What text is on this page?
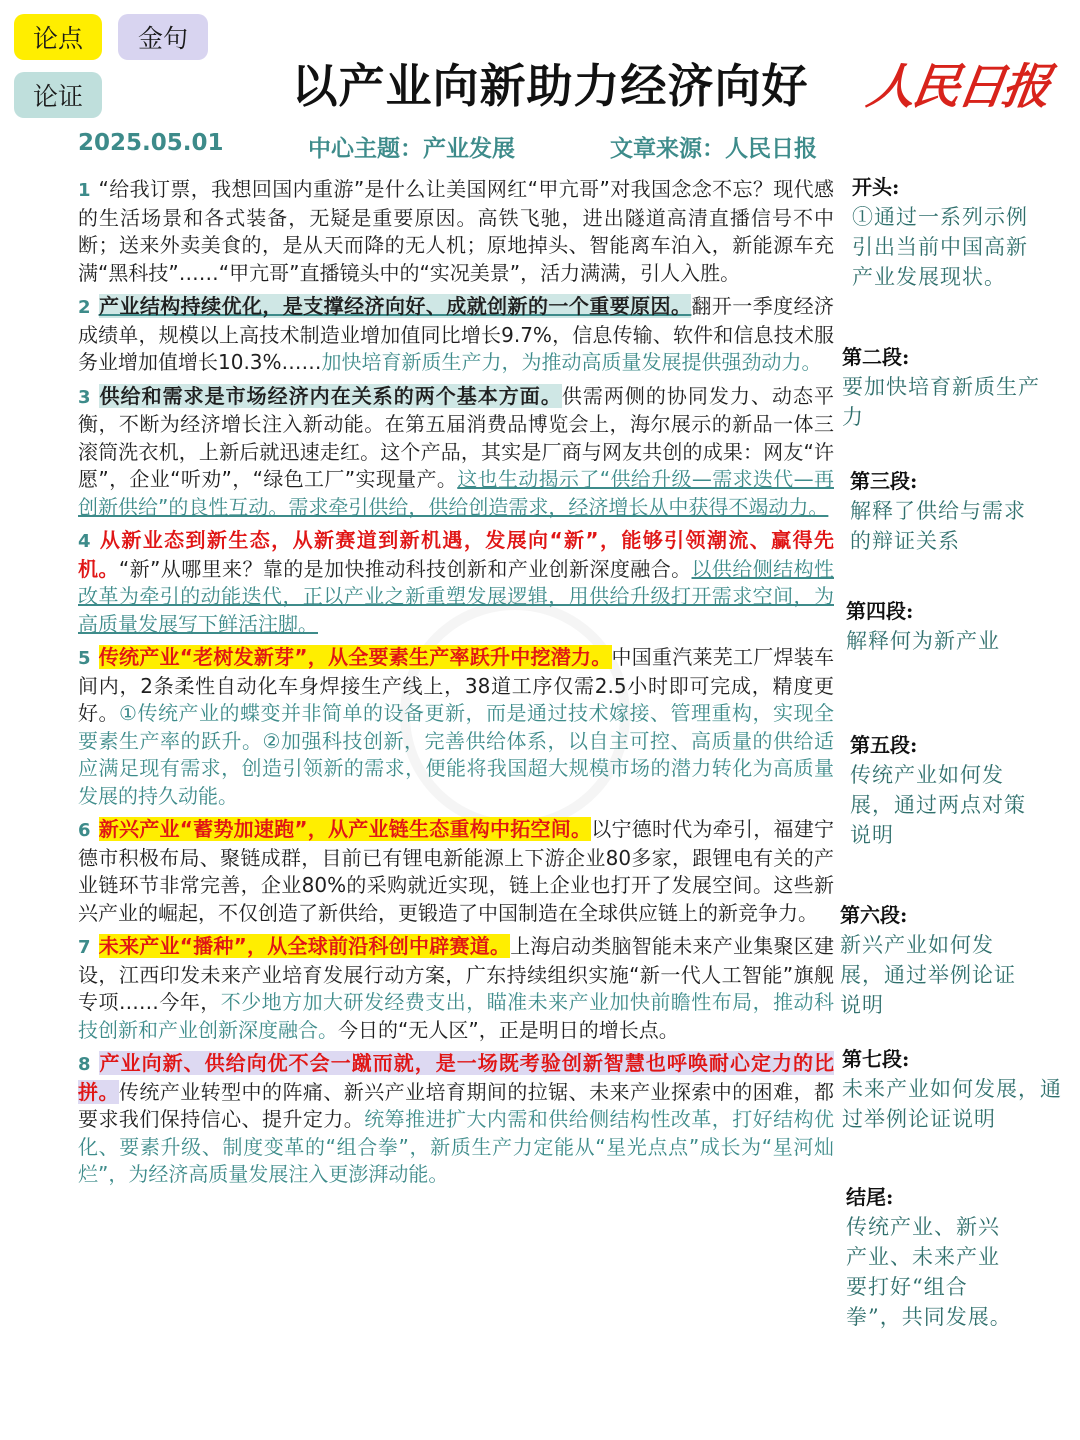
论点	金句
论证	以产业向新助力经济向好	人民日报
2025.05.01	中心主题：产业发展	文章来源：人民日报

1 “给我订票，我想回国内重游”是什么让美国网红“甲亢哥”对我国念念不忘？现代感的生活场景和各式装备，无疑是重要原因。高铁飞驰，进出隧道高清直播信号不中断；送来外卖美食的，是从天而降的无人机；原地掉头、智能离车泊入，新能源车充满“黑科技”……“甲亢哥”直播镜头中的“实况美景”，活力满满，引人入胜。

2 产业结构持续优化，是支撑经济向好、成就创新的一个重要原因。翻开一季度经济成绩单，规模以上高技术制造业增加值同比增长9.7%，信息传输、软件和信息技术服务业增加值增长10.3%……加快培育新质生产力，为推动高质量发展提供强劲动力。

3 供给和需求是市场经济内在关系的两个基本方面。供需两侧的协同发力、动态平衡，不断为经济增长注入新动能。在第五届消费品博览会上，海尔展示的新品一体三滚筒洗衣机，上新后就迅速走红。这个产品，其实是厂商与网友共创的成果：网友“许愿”，企业“听劝”，“绿色工厂”实现量产。这也生动揭示了“供给升级—需求迭代—再创新供给”的良性互动。需求牵引供给，供给创造需求，经济增长从中获得不竭动力。

4 从新业态到新生态，从新赛道到新机遇，发展向“新”，能够引领潮流、赢得先机。“新”从哪里来？靠的是加快推动科技创新和产业创新深度融合。以供给侧结构性改革为牵引的动能迭代，正以产业之新重塑发展逻辑，用供给升级打开需求空间，为高质量发展写下鲜活注脚。

5 传统产业“老树发新芽”，从全要素生产率跃升中挖潜力。中国重汽莱芜工厂焊装车间内，2条柔性自动化车身焊接生产线上，38道工序仅需2.5小时即可完成，精度更好。①传统产业的蝶变并非简单的设备更新，而是通过技术嫁接、管理重构，实现全要素生产率的跃升。②加强科技创新，完善供给体系，以自主可控、高质量的供给适应满足现有需求，创造引领新的需求，便能将我国超大规模市场的潜力转化为高质量发展的持久动能。

6 新兴产业“蓄势加速跑”，从产业链生态重构中拓空间。以宁德时代为牵引，福建宁德市积极布局、聚链成群，目前已有锂电新能源上下游企业80多家，跟锂电有关的产业链环节非常完善，企业80%的采购就近实现，链上企业也打开了发展空间。这些新兴产业的崛起，不仅创造了新供给，更锻造了中国制造在全球供应链上的新竞争力。

7 未来产业“播种”，从全球前沿科创中辟赛道。上海启动类脑智能未来产业集聚区建设，江西印发未来产业培育发展行动方案，广东持续组织实施“新一代人工智能”旗舰专项……今年，不少地方加大研发经费支出，瞄准未来产业加快前瞻性布局，推动科技创新和产业创新深度融合。今日的“无人区”，正是明日的增长点。

8 产业向新、供给向优不会一蹴而就，是一场既考验创新智慧也呼唤耐心定力的比拼。传统产业转型中的阵痛、新兴产业培育期间的拉锯、未来产业探索中的困难，都要求我们保持信心、提升定力。统筹推进扩大内需和供给侧结构性改革，打好结构优化、要素升级、制度变革的“组合拳”，新质生产力定能从“星光点点”成长为“星河灿烂”，为经济高质量发展注入更澎湃动能。

开头:
①通过一系列示例引出当前中国高新产业发展现状。
第二段:
要加快培育新质生产力
第三段:
解释了供给与需求的辩证关系
第四段:
解释何为新产业
第五段:
传统产业如何发展，通过两点对策说明
第六段:
新兴产业如何发展，通过举例论证说明
第七段:
未来产业如何发展，通过举例论证说明
结尾:
传统产业、新兴产业、未来产业要打好“组合拳”，共同发展。
